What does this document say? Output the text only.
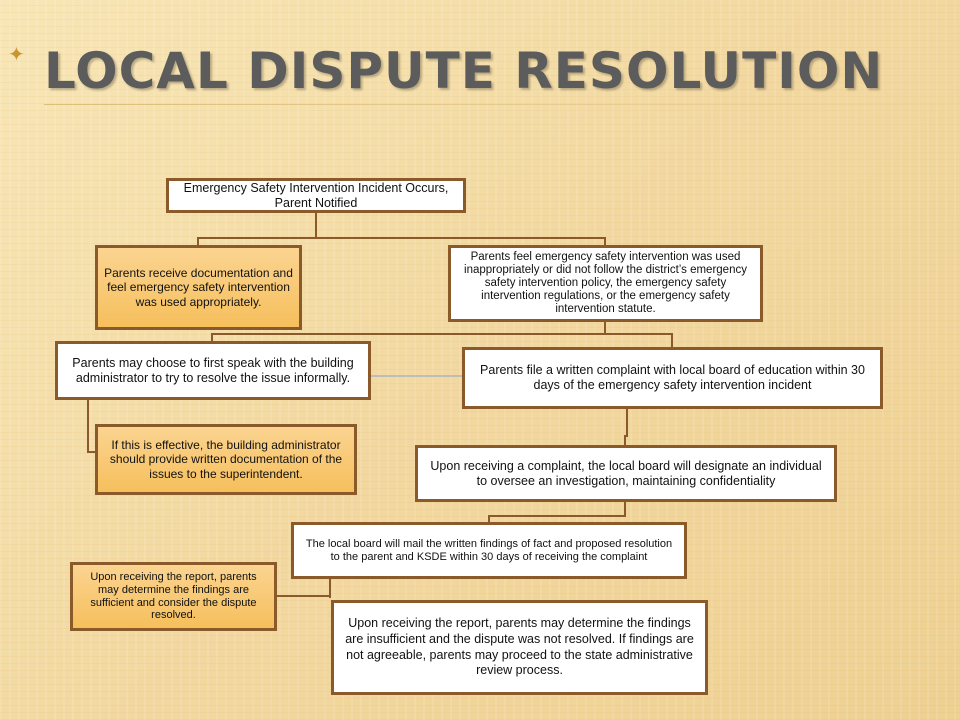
✦ LOCAL DISPUTE RESOLUTION
Emergency Safety Intervention Incident Occurs, Parent Notified
Parents receive documentation and feel emergency safety intervention was used appropriately.
Parents feel emergency safety intervention was used inappropriately or did not follow the district’s emergency safety intervention policy, the emergency safety intervention regulations, or the emergency safety intervention statute.
Parents may choose to first speak with the building administrator to try to resolve the issue informally.
Parents file a written complaint with local board of education within 30 days of the emergency safety intervention incident
If this is effective, the building administrator should provide written documentation of the issues to the superintendent.
Upon receiving a complaint, the local board will designate an individual to oversee an investigation, maintaining confidentiality
The local board will mail the written findings of fact and proposed resolution to the parent and KSDE within 30 days of receiving the complaint
Upon receiving the report, parents may determine the findings are sufficient and consider the dispute resolved.
Upon receiving the report, parents may determine the findings are insufficient and the dispute was not resolved. If findings are not agreeable, parents may proceed to the state administrative review process.
